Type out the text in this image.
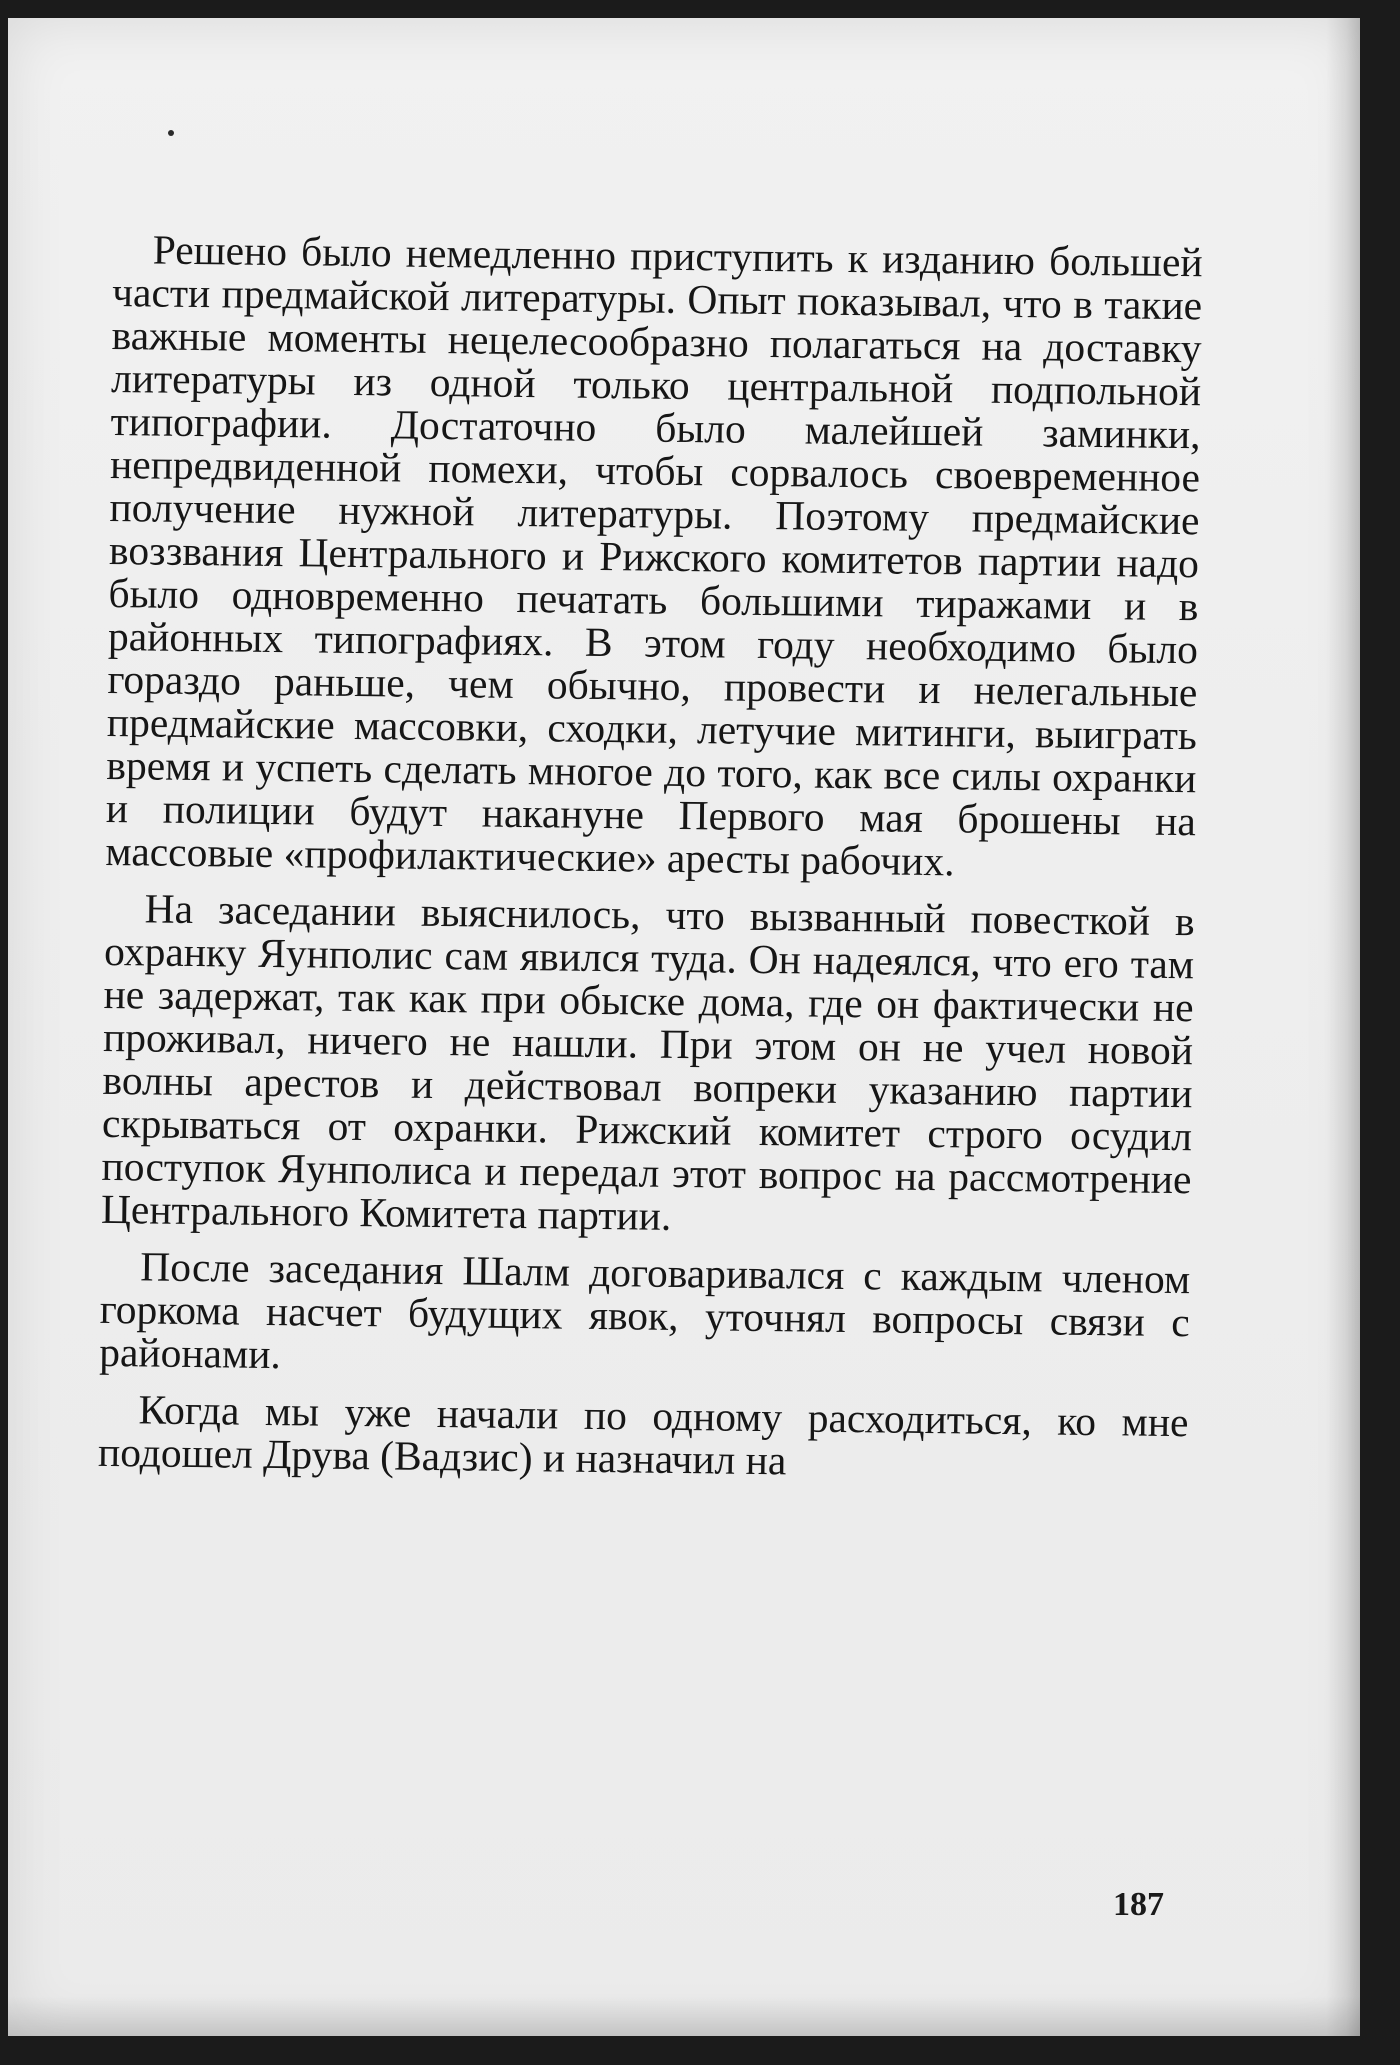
Решено было немедленно приступить к изданию большей части предмайской литературы. Опыт показывал, что в такие важные моменты нецелесообразно полагаться на доставку литературы из одной только центральной подпольной типографии. Достаточно было малейшей заминки, непредвиденной помехи, чтобы сорвалось своевременное получение нужной литературы. Поэтому предмайские воззвания Центрального и Рижского комитетов партии надо было одновременно печатать большими тиражами и в районных типографиях. В этом году необходимо было гораздо раньше, чем обычно, провести и нелегальные предмайские массовки, сходки, летучие митинги, выиграть время и успеть сделать многое до того, как все силы охранки и полиции будут накануне Первого мая брошены на массовые «профилактические» аресты рабочих.

На заседании выяснилось, что вызванный повесткой в охранку Яунполис сам явился туда. Он надеялся, что его там не задержат, так как при обыске дома, где он фактически не проживал, ничего не нашли. При этом он не учел новой волны арестов и действовал вопреки указанию партии скрываться от охранки. Рижский комитет строго осудил поступок Яунполиса и передал этот вопрос на рассмотрение Центрального Комитета партии.

После заседания Шалм договаривался с каждым членом горкома насчет будущих явок, уточнял вопросы связи с районами.

Когда мы уже начали по одному расходиться, ко мне подошел Друва (Вадзис) и назначил на

187
